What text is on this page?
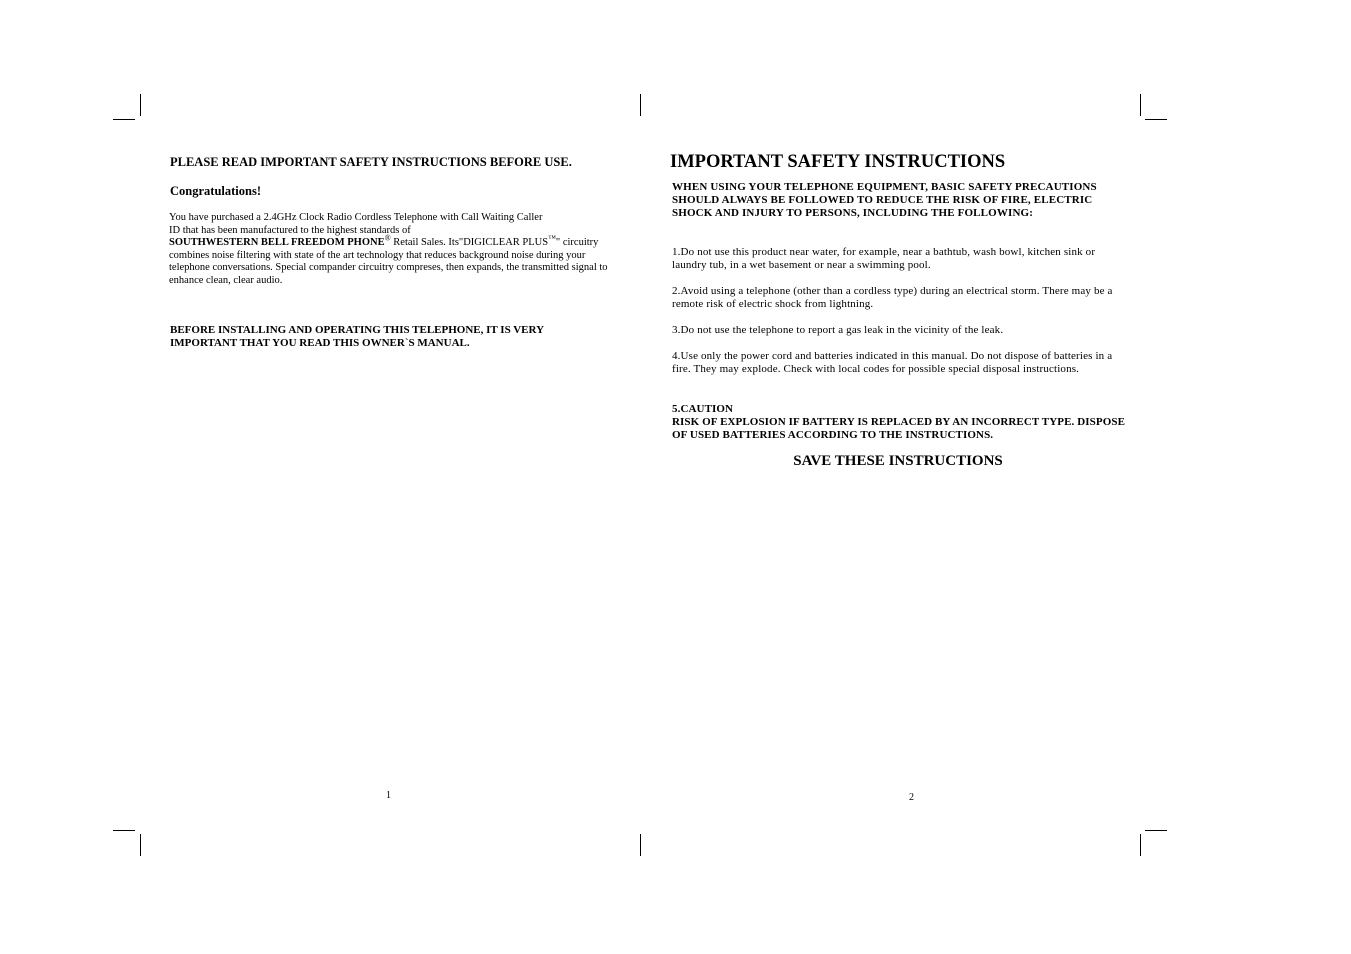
PLEASE READ IMPORTANT SAFETY INSTRUCTIONS BEFORE USE.
Congratulations!
You have purchased a 2.4GHz Clock Radio Cordless Telephone with Call Waiting Caller
ID that has been manufactured to the highest standards of
SOUTHWESTERN BELL FREEDOM PHONE® Retail Sales. Its"DIGICLEAR PLUS™" circuitry combines noise filtering with state of the art technology that reduces background noise during your telephone conversations. Special compander circuitry compreses, then expands, the transmitted signal to enhance clean, clear audio.
BEFORE INSTALLING AND OPERATING THIS TELEPHONE, IT IS VERY IMPORTANT THAT YOU READ THIS OWNER`S MANUAL.
1
IMPORTANT SAFETY INSTRUCTIONS
WHEN USING YOUR TELEPHONE EQUIPMENT, BASIC SAFETY PRECAUTIONS SHOULD ALWAYS BE FOLLOWED TO REDUCE THE RISK OF FIRE, ELECTRIC SHOCK AND INJURY TO PERSONS, INCLUDING THE FOLLOWING:
1.Do not use this product near water, for example, near a bathtub, wash bowl, kitchen sink or laundry tub, in a wet basement or near a swimming pool.
2.Avoid using a telephone (other than a cordless type) during an electrical storm. There may be a remote risk of electric shock from lightning.
3.Do not use the telephone to report a gas leak in the vicinity of the leak.
4.Use only the power cord and batteries indicated in this manual. Do not dispose of batteries in a fire. They may explode. Check with local codes for possible special disposal instructions.
5.CAUTION
RISK OF EXPLOSION IF BATTERY IS REPLACED BY AN INCORRECT TYPE. DISPOSE OF USED BATTERIES ACCORDING TO THE INSTRUCTIONS.
SAVE THESE INSTRUCTIONS
2
